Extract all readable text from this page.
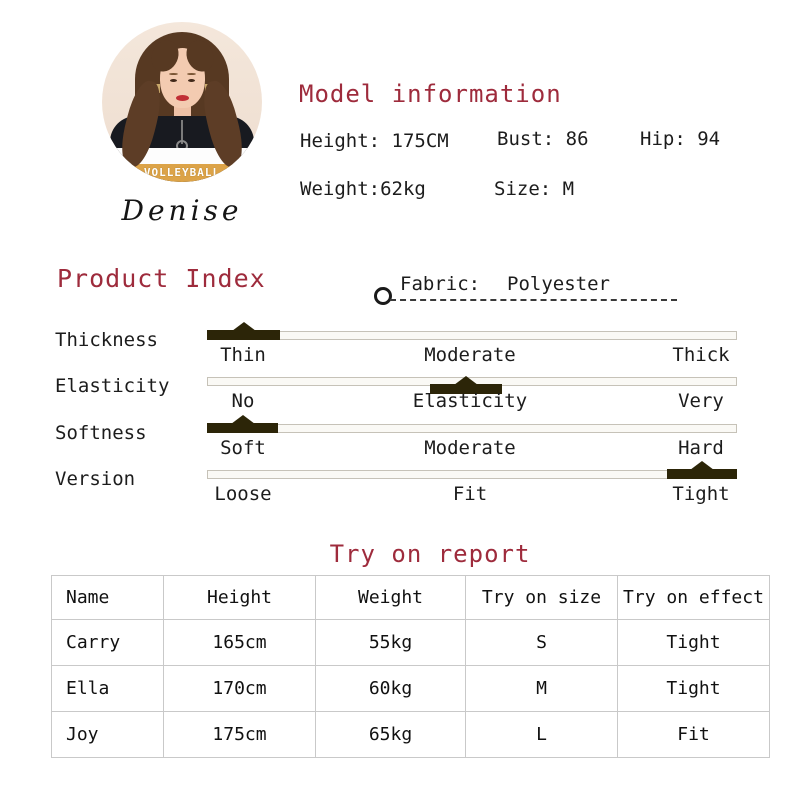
VOLLEYBALL
Denise
Model information
Height: 175CM	Bust: 86	Hip: 94
Weight:62kg	Size: M
Product Index	Fabric: Polyester
Thickness
Thin	Moderate	Thick
Elasticity
No	Elasticity	Very
Softness
Soft	Moderate	Hard
Version
Loose	Fit	Tight
Try on report
Name	Height	Weight	Try on size	Try on effect
Carry	165cm	55kg	S	Tight
Ella	170cm	60kg	M	Tight
Joy	175cm	65kg	L	Fit
